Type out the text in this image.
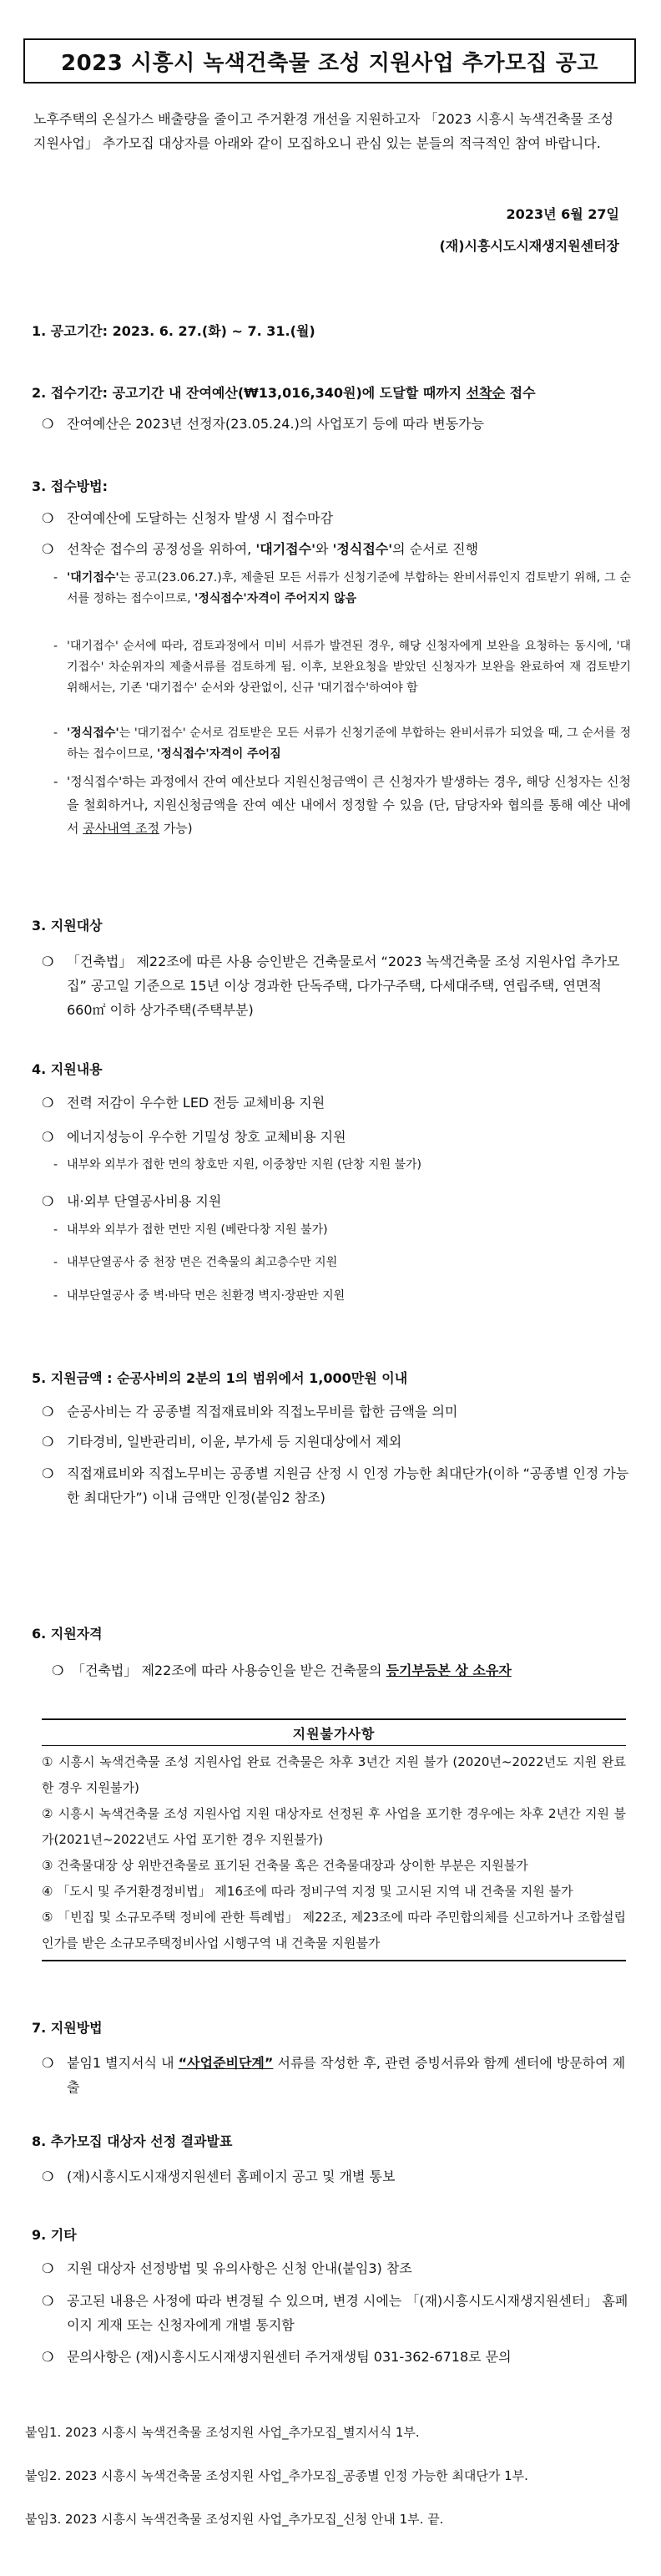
2023 시흥시 녹색건축물 조성 지원사업 추가모집 공고
노후주택의 온실가스 배출량을 줄이고 주거환경 개선을 지원하고자 「2023 시흥시 녹색건축물 조성 지원사업」 추가모집 대상자를 아래와 같이 모집하오니 관심 있는 분들의 적극적인 참여 바랍니다.
2023년 6월 27일
(재)시흥시도시재생지원센터장
1. 공고기간: 2023. 6. 27.(화) ~ 7. 31.(월)
2. 접수기간: 공고기간 내 잔여예산(₩13,016,340원)에 도달할 때까지 선착순 접수
❍ 잔여예산은 2023년 선정자(23.05.24.)의 사업포기 등에 따라 변동가능
3. 접수방법:
❍ 잔여예산에 도달하는 신청자 발생 시 접수마감
❍ 선착순 접수의 공정성을 위하여, '대기접수'와 '정식접수'의 순서로 진행
- '대기접수'는 공고(23.06.27.)후, 제출된 모든 서류가 신청기준에 부합하는 완비서류인지 검토받기 위해, 그 순서를 정하는 접수이므로, '정식접수'자격이 주어지지 않음
- '대기접수' 순서에 따라, 검토과정에서 미비 서류가 발견된 경우, 해당 신청자에게 보완을 요청하는 동시에, '대기접수' 차순위자의 제출서류를 검토하게 됨. 이후, 보완요청을 받았던 신청자가 보완을 완료하여 재 검토받기 위해서는, 기존 '대기접수' 순서와 상관없이, 신규 '대기접수'하여야 함
- '정식접수'는 '대기접수' 순서로 검토받은 모든 서류가 신청기준에 부합하는 완비서류가 되었을 때, 그 순서를 정하는 접수이므로, '정식접수'자격이 주어짐
- '정식접수'하는 과정에서 잔여 예산보다 지원신청금액이 큰 신청자가 발생하는 경우, 해당 신청자는 신청을 철회하거나, 지원신청금액을 잔여 예산 내에서 정정할 수 있음 (단, 담당자와 협의를 통해 예산 내에서 공사내역 조정 가능)
3. 지원대상
❍ 「건축법」 제22조에 따른 사용 승인받은 건축물로서 “2023 녹색건축물 조성 지원사업 추가모집” 공고일 기준으로 15년 이상 경과한 단독주택, 다가구주택, 다세대주택, 연립주택, 연면적 660㎡ 이하 상가주택(주택부분)
4. 지원내용
❍ 전력 저감이 우수한 LED 전등 교체비용 지원
❍ 에너지성능이 우수한 기밀성 창호 교체비용 지원
- 내부와 외부가 접한 면의 창호만 지원, 이중창만 지원 (단창 지원 불가)
❍ 내·외부 단열공사비용 지원
- 내부와 외부가 접한 면만 지원 (베란다창 지원 불가)
- 내부단열공사 중 천장 면은 건축물의 최고층수만 지원
- 내부단열공사 중 벽·바닥 면은 친환경 벽지·장판만 지원
5. 지원금액 : 순공사비의 2분의 1의 범위에서 1,000만원 이내
❍ 순공사비는 각 공종별 직접재료비와 직접노무비를 합한 금액을 의미
❍ 기타경비, 일반관리비, 이윤, 부가세 등 지원대상에서 제외
❍ 직접재료비와 직접노무비는 공종별 지원금 산정 시 인정 가능한 최대단가(이하 “공종별 인정 가능한 최대단가”) 이내 금액만 인정(붙임2 참조)
6. 지원자격
❍ 「건축법」 제22조에 따라 사용승인을 받은 건축물의 등기부등본 상 소유자
지원불가사항
① 시흥시 녹색건축물 조성 지원사업 완료 건축물은 차후 3년간 지원 불가 (2020년~2022년도 지원 완료한 경우 지원불가)
② 시흥시 녹색건축물 조성 지원사업 지원 대상자로 선정된 후 사업을 포기한 경우에는 차후 2년간 지원 불가(2021년~2022년도 사업 포기한 경우 지원불가)
③ 건축물대장 상 위반건축물로 표기된 건축물 혹은 건축물대장과 상이한 부분은 지원불가
④ 「도시 및 주거환경정비법」 제16조에 따라 정비구역 지정 및 고시된 지역 내 건축물 지원 불가
⑤ 「빈집 및 소규모주택 정비에 관한 특례법」 제22조, 제23조에 따라 주민합의체를 신고하거나 조합설립인가를 받은 소규모주택정비사업 시행구역 내 건축물 지원불가
7. 지원방법
❍ 붙임1 별지서식 내 “사업준비단계” 서류를 작성한 후, 관련 증빙서류와 함께 센터에 방문하여 제출
8. 추가모집 대상자 선정 결과발표
❍ (재)시흥시도시재생지원센터 홈페이지 공고 및 개별 통보
9. 기타
❍ 지원 대상자 선정방법 및 유의사항은 신청 안내(붙임3) 참조
❍ 공고된 내용은 사정에 따라 변경될 수 있으며, 변경 시에는 「(재)시흥시도시재생지원센터」 홈페이지 게재 또는 신청자에게 개별 통지함
❍ 문의사항은 (재)시흥시도시재생지원센터 주거재생팀 031-362-6718로 문의
붙임1. 2023 시흥시 녹색건축물 조성지원 사업_추가모집_별지서식 1부.
붙임2. 2023 시흥시 녹색건축물 조성지원 사업_추가모집_공종별 인정 가능한 최대단가 1부.
붙임3. 2023 시흥시 녹색건축물 조성지원 사업_추가모집_신청 안내 1부. 끝.
